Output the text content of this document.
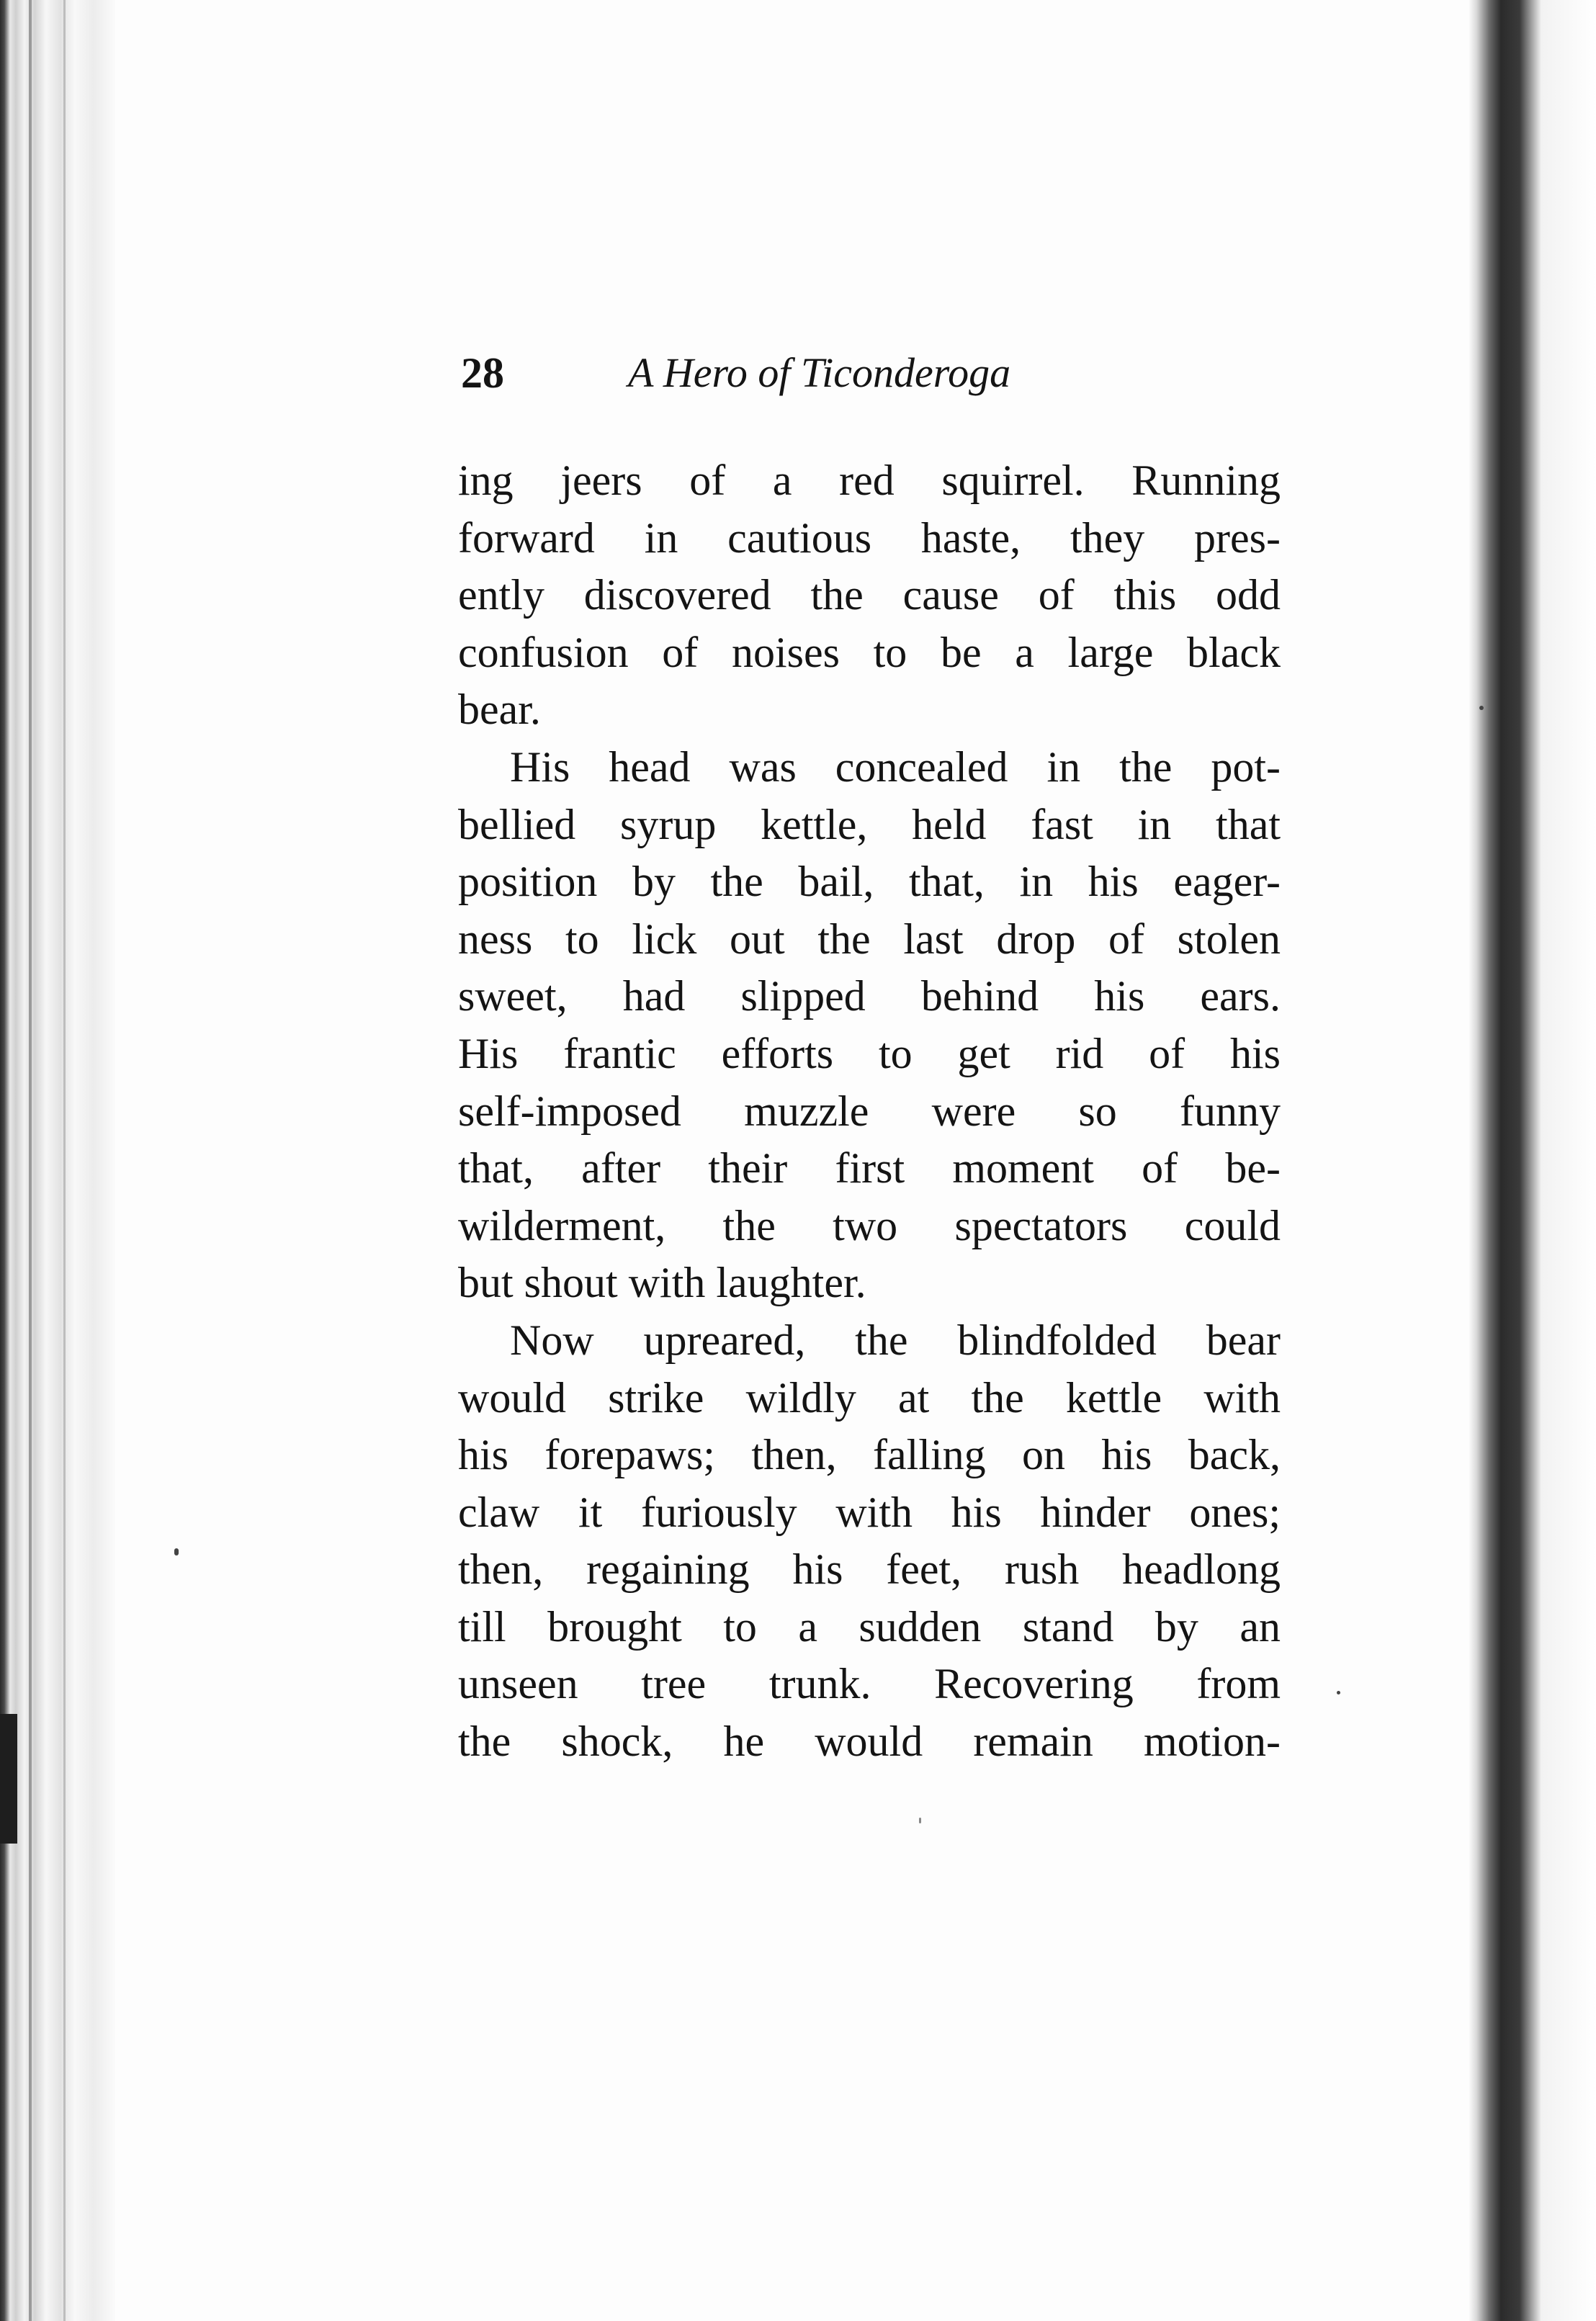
28	A Hero of Ticonderoga
ing jeers of a red squirrel. Running
forward in cautious haste, they pres-
ently discovered the cause of this odd
confusion of noises to be a large black
bear.
His head was concealed in the pot-
bellied syrup kettle, held fast in that
position by the bail, that, in his eager-
ness to lick out the last drop of stolen
sweet, had slipped behind his ears.
His frantic efforts to get rid of his
self-imposed muzzle were so funny
that, after their first moment of be-
wilderment, the two spectators could
but shout with laughter.
Now upreared, the blindfolded bear
would strike wildly at the kettle with
his forepaws; then, falling on his back,
claw it furiously with his hinder ones;
then, regaining his feet, rush headlong
till brought to a sudden stand by an
unseen tree trunk. Recovering from
the shock, he would remain motion-
